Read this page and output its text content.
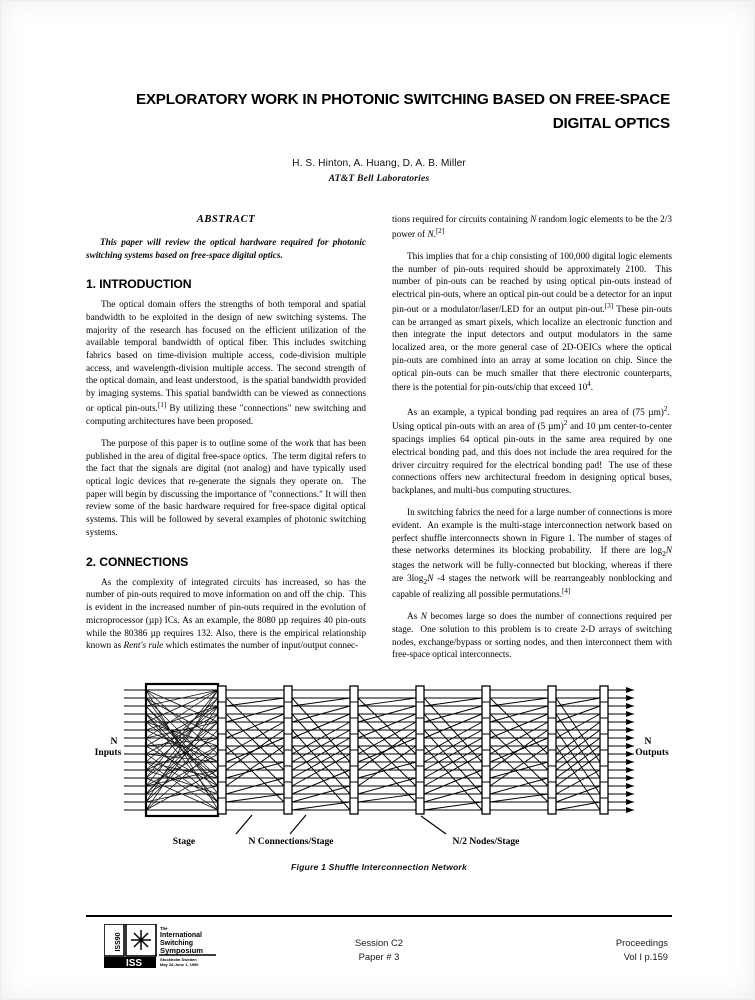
EXPLORATORY WORK IN PHOTONIC SWITCHING BASED ON FREE-SPACE
DIGITAL OPTICS
H. S. Hinton, A. Huang, D. A. B. Miller
AT&T Bell Laboratories
ABSTRACT
This paper will review the optical hardware required for photonic switching systems based on free-space digital optics.
1. INTRODUCTION

The optical domain offers the strengths of both temporal and spatial bandwidth to be exploited in the design of new switching systems. The majority of the research has focused on the efficient utilization of the available temporal bandwidth of optical fiber. This includes switching fabrics based on time-division multiple access, code-division multiple access, and wavelength-division multiple access. The second strength of the optical domain, and least understood,  is the spatial bandwidth provided by imaging systems. This spatial bandwidth can be viewed as connections or optical pin-outs.[1] By utilizing these "connections" new switching and computing architectures have been proposed.

The purpose of this paper is to outline some of the work that has been published in the area of digital free-space optics.  The term digital refers to the fact that the signals are digital (not analog) and have typically used optical logic devices that re-generate the signals they operate on.  The paper will begin by discussing the importance of "connections." It will then review some of the basic hardware required for free-space digital optical systems. This will be followed by several examples of photonic switching systems.

2. CONNECTIONS

As the complexity of integrated circuits has increased, so has the number of pin-outs required to move information on and off the chip.  This is evident in the increased number of pin-outs required in the evolution of microprocessor (µp) ICs. As an example, the 8080 µp requires 40 pin-outs while the 80386 µp requires 132. Also, there is the empirical relationship known as Rent's rule which estimates the number of input/output connec-

tions required for circuits containing N random logic elements to be the 2/3 power of N.[2]

This implies that for a chip consisting of 100,000 digital logic elements the number of pin-outs required should be approximately 2100.  This number of pin-outs can be reached by using optical pin-outs instead of electrical pin-outs, where an optical pin-out could be a detector for an input pin-out or a modulator/laser/LED for an output pin-out.[3] These pin-outs can be arranged as smart pixels, which localize an electronic function and then integrate the input detectors and output modulators in the same localized area, or the more general case of 2D-OEICs where the optical pin-outs are combined into an array at some location on chip. Since the optical pin-outs can be much smaller that there electronic counterparts, there is the potential for pin-outs/chip that exceed $10^4$.

As an example, a typical bonding pad requires an area of (75 µm)$^2$.  Using optical pin-outs with an area of (5 µm)$^2$ and 10 µm center-to-center spacings implies 64 optical pin-outs in the same area required by one electrical bonding pad, and this does not include the area required for the driver circuitry required for the electrical bonding pad!  The use of these connections offers new architectural freedom in designing optical buses, backplanes, and multi-bus computing structures.

In switching fabrics the need for a large number of connections is more evident.  An example is the multi-stage interconnection network based on perfect shuffle interconnects shown in Figure 1. The number of stages of these networks determines its blocking probability.  If there are $\log_2N$ stages the network will be fully-connected but blocking, whereas if there are $3\log_2N$ -4 stages the network will be rearrangeably nonblocking and capable of realizing all possible permutations.[4]

As N becomes large so does the number of connections required per stage.  One solution to this problem is to create 2-D arrays of switching nodes, exchange/bypass or sorting nodes, and then interconnect them with free-space optical interconnects.

N
Inputs
N
Outputs
Stage	N Connections/Stage	N/2 Nodes/Stage
Figure 1 Shuffle Interconnection Network
ISS90
ISS
The
International
Switching
Symposium
Stockholm Sweden
May 28-June 1, 1990
Session C2
Paper # 3
Proceedings
Vol I p.159
